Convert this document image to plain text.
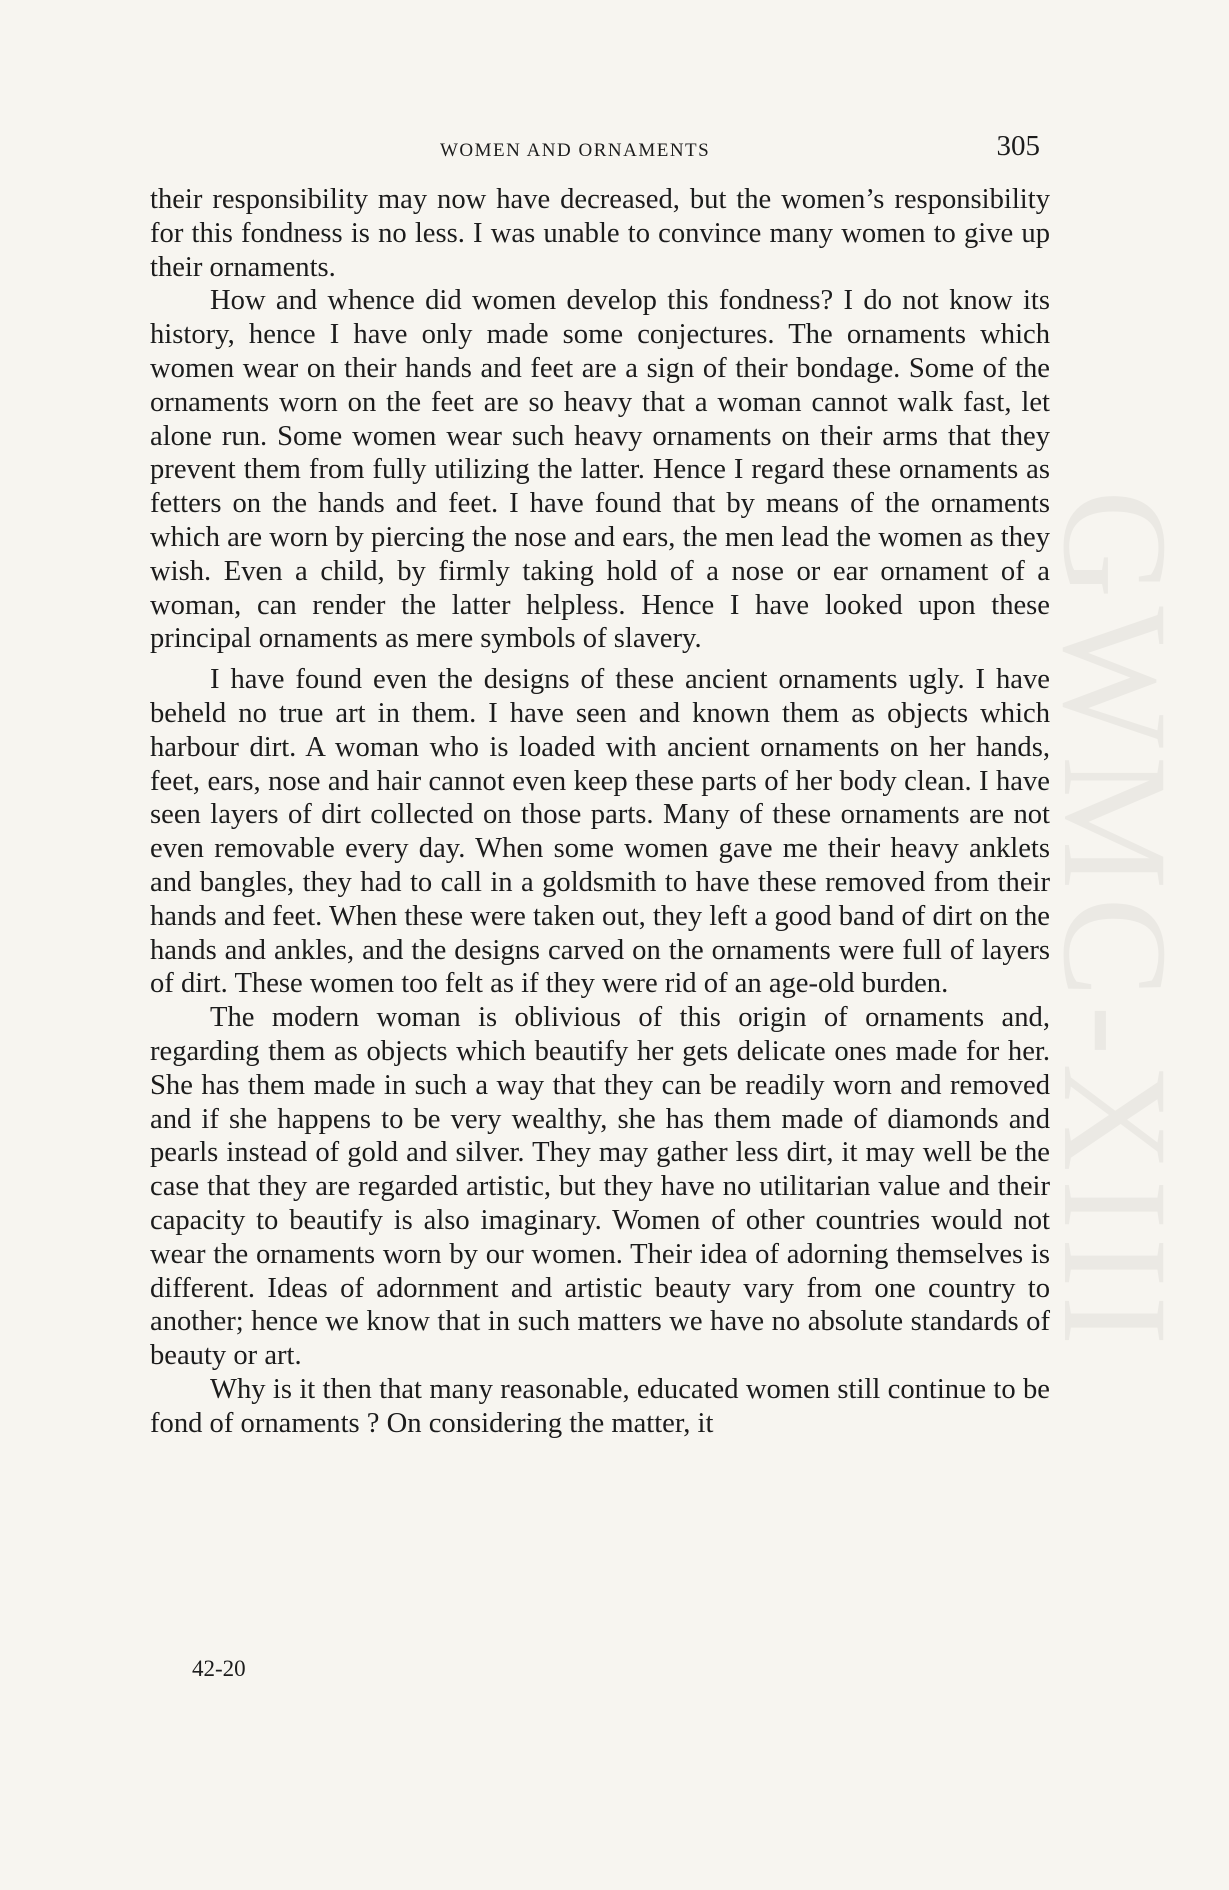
GWMC-XIII
WOMEN AND ORNAMENTS	305

their responsibility may now have decreased, but the women’s responsibility for this fondness is no less. I was unable to convince many women to give up their ornaments.

How and whence did women develop this fondness? I do not know its history, hence I have only made some conjectures. The ornaments which women wear on their hands and feet are a sign of their bondage. Some of the ornaments worn on the feet are so heavy that a woman cannot walk fast, let alone run. Some women wear such heavy ornaments on their arms that they prevent them from fully utilizing the latter. Hence I regard these ornaments as fetters on the hands and feet. I have found that by means of the ornaments which are worn by piercing the nose and ears, the men lead the women as they wish. Even a child, by firmly taking hold of a nose or ear ornament of a woman, can render the latter helpless. Hence I have looked upon these principal ornaments as mere symbols of slavery.

I have found even the designs of these ancient ornaments ugly. I have beheld no true art in them. I have seen and known them as objects which harbour dirt. A woman who is loaded with ancient ornaments on her hands, feet, ears, nose and hair cannot even keep these parts of her body clean. I have seen layers of dirt collected on those parts. Many of these ornaments are not even removable every day. When some women gave me their heavy anklets and bangles, they had to call in a goldsmith to have these removed from their hands and feet. When these were taken out, they left a good band of dirt on the hands and ankles, and the designs carved on the ornaments were full of layers of dirt. These women too felt as if they were rid of an age-old burden.

The modern woman is oblivious of this origin of ornaments and, regarding them as objects which beautify her gets delicate ones made for her. She has them made in such a way that they can be readily worn and removed and if she happens to be very wealthy, she has them made of diamonds and pearls instead of gold and silver. They may gather less dirt, it may well be the case that they are regarded artistic, but they have no utilitarian value and their capacity to beautify is also imaginary. Women of other countries would not wear the ornaments worn by our women. Their idea of adorning themselves is different. Ideas of adornment and artistic beauty vary from one country to another; hence we know that in such matters we have no absolute standards of beauty or art.

Why is it then that many reasonable, educated women still continue to be fond of ornaments ? On considering the matter, it

42-20
